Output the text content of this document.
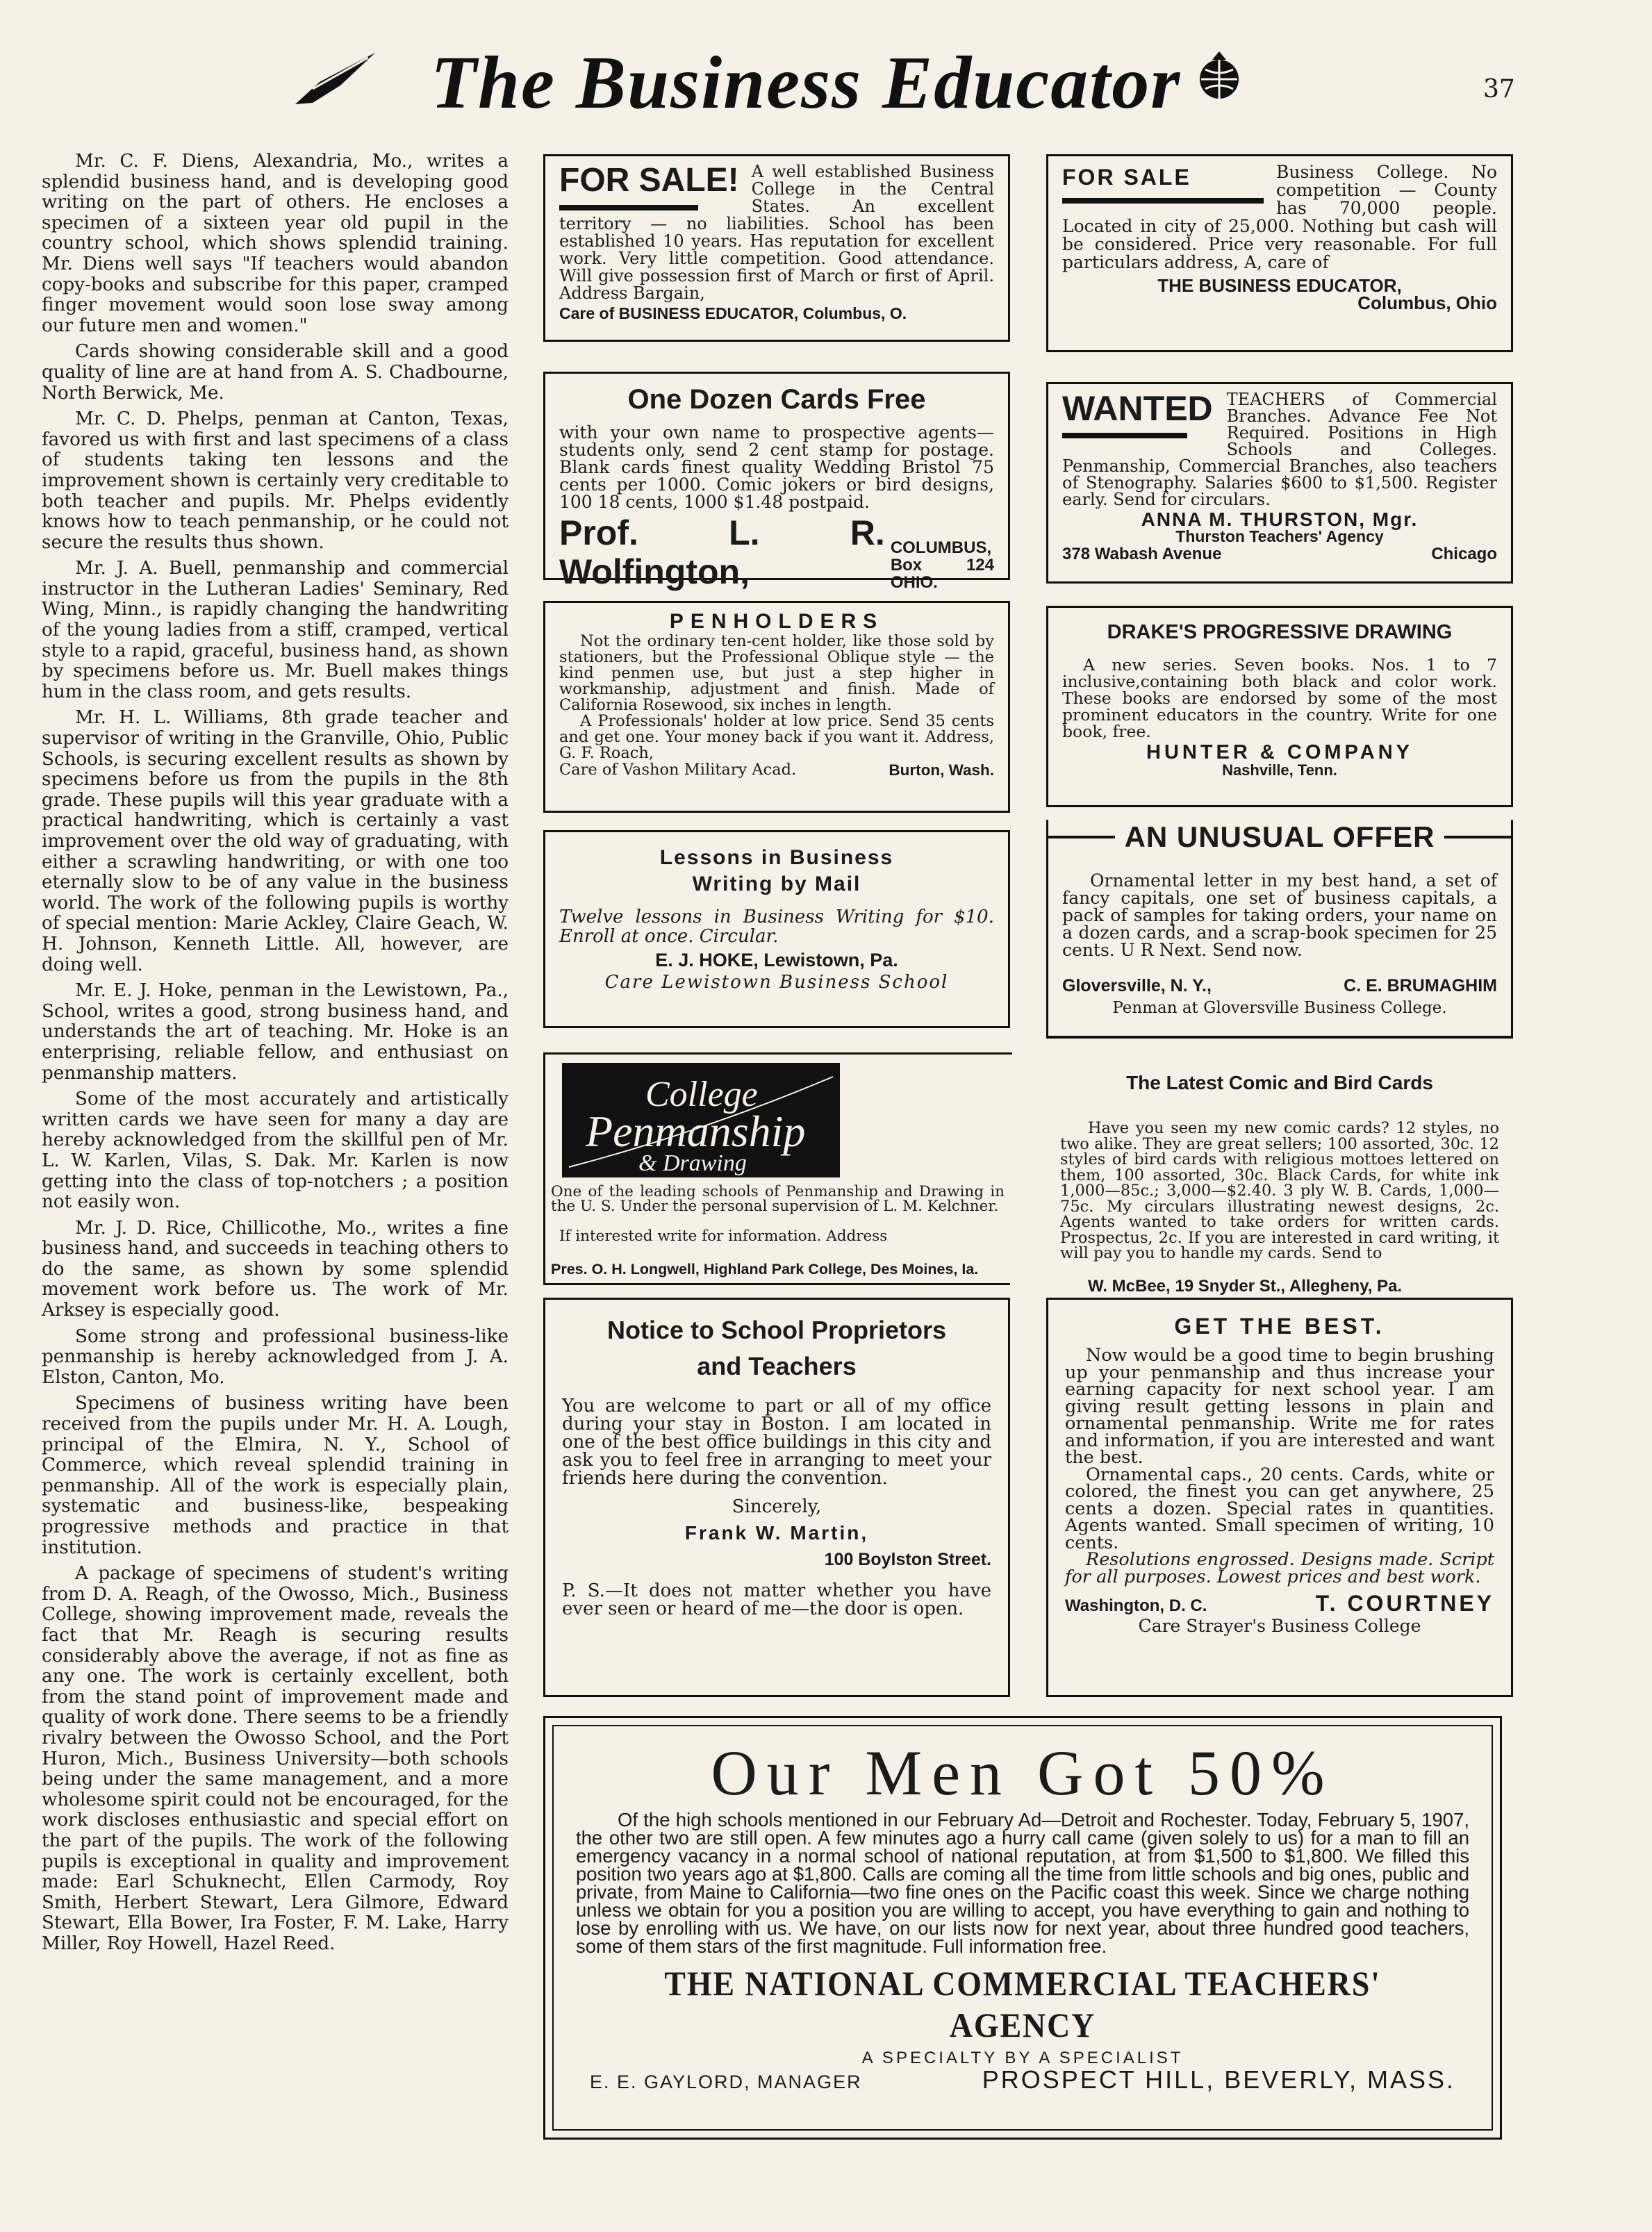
The Business Educator	37

Mr. C. F. Diens, Alexandria, Mo., writes a splendid business hand, and is developing good writing on the part of others. He encloses a specimen of a sixteen year old pupil in the country school, which shows splendid training. Mr. Diens well says "If teachers would abandon copy-books and subscribe for this paper, cramped finger movement would soon lose sway among our future men and women."

Cards showing considerable skill and a good quality of line are at hand from A. S. Chadbourne, North Berwick, Me.

Mr. C. D. Phelps, penman at Canton, Texas, favored us with first and last specimens of a class of students taking ten lessons and the improvement shown is certainly very creditable to both teacher and pupils. Mr. Phelps evidently knows how to teach penmanship, or he could not secure the results thus shown.

Mr. J. A. Buell, penmanship and commercial instructor in the Lutheran Ladies' Seminary, Red Wing, Minn., is rapidly changing the handwriting of the young ladies from a stiff, cramped, vertical style to a rapid, graceful, business hand, as shown by specimens before us. Mr. Buell makes things hum in the class room, and gets results.

Mr. H. L. Williams, 8th grade teacher and supervisor of writing in the Granville, Ohio, Public Schools, is securing excellent results as shown by specimens before us from the pupils in the 8th grade. These pupils will this year graduate with a practical handwriting, which is certainly a vast improvement over the old way of graduating, with either a scrawling handwriting, or with one too eternally slow to be of any value in the business world. The work of the following pupils is worthy of special mention: Marie Ackley, Claire Geach, W. H. Johnson, Kenneth Little. All, however, are doing well.

Mr. E. J. Hoke, penman in the Lewistown, Pa., School, writes a good, strong business hand, and understands the art of teaching. Mr. Hoke is an enterprising, reliable fellow, and enthusiast on penmanship matters.

Some of the most accurately and artistically written cards we have seen for many a day are hereby acknowledged from the skillful pen of Mr. L. W. Karlen, Vilas, S. Dak. Mr. Karlen is now getting into the class of top-notchers ; a position not easily won.

Mr. J. D. Rice, Chillicothe, Mo., writes a fine business hand, and succeeds in teaching others to do the same, as shown by some splendid movement work before us. The work of Mr. Arksey is especially good.

Some strong and professional business-like penmanship is hereby acknowledged from J. A. Elston, Canton, Mo.

Specimens of business writing have been received from the pupils under Mr. H. A. Lough, principal of the Elmira, N. Y., School of Commerce, which reveal splendid training in penmanship. All of the work is especially plain, systematic and business-like, bespeaking progressive methods and practice in that institution.

A package of specimens of student's writing from D. A. Reagh, of the Owosso, Mich., Business College, showing improvement made, reveals the fact that Mr. Reagh is securing results considerably above the average, if not as fine as any one. The work is certainly excellent, both from the stand point of improvement made and quality of work done. There seems to be a friendly rivalry between the Owosso School, and the Port Huron, Mich., Business University—both schools being under the same management, and a more wholesome spirit could not be encouraged, for the work discloses enthusiastic and special effort on the part of the pupils. The work of the following pupils is exceptional in quality and improvement made: Earl Schuknecht, Ellen Carmody, Roy Smith, Herbert Stewart, Lera Gilmore, Edward Stewart, Ella Bower, Ira Foster, F. M. Lake, Harry Miller, Roy Howell, Hazel Reed.

FOR SALE! A well established Business College in the Central States. An excellent territory — no liabilities. School has been established 10 years. Has reputation for excellent work. Very little competition. Good attendance. Will give possession first of March or first of April. Address Bargain,

Care of BUSINESS EDUCATOR, Columbus, O.

FOR SALE	Business College. No competition — County has 70,000 people. Located in city of 25,000. Nothing but cash will be considered. Price very reasonable. For full particulars address, A, care of

THE BUSINESS EDUCATOR,

Columbus, Ohio

One Dozen Cards Free

with your own name to prospective agents—students only, send 2 cent stamp for postage. Blank cards finest quality Wedding Bristol 75 cents per 1000. Comic jokers or bird designs, 100 18 cents, 1000 $1.48 postpaid.

Prof. L. R. Wolfington,
COLUMBUS,
Box 124 OHIO.
WANTED TEACHERS of Commercial Branches. Advance Fee Not Required. Positions in High Schools and Colleges. Penmanship, Commercial Branches, also teachers of Stenography. Salaries $600 to $1,500. Register early. Send for circulars.

ANNA M. THURSTON, Mgr.

Thurston Teachers' Agency

378 Wabash Avenue	Chicago

PENHOLDERS

Not the ordinary ten-cent holder, like those sold by stationers, but the Professional Oblique style — the kind penmen use, but just a step higher in workmanship, adjustment and finish. Made of California Rosewood, six inches in length.

A Professionals' holder at low price. Send 35 cents and get one. Your money back if you want it. Address, G. F. Roach,

Care of Vashon Military Acad.	Burton, Wash.

DRAKE'S PROGRESSIVE DRAWING

A new series. Seven books. Nos. 1 to 7 inclusive,containing both black and color work. These books are endorsed by some of the most prominent educators in the country. Write for one book, free.

HUNTER & COMPANY

Nashville, Tenn.

Lessons in Business

Writing by Mail

Twelve lessons in Business Writing for $10. Enroll at once. Circular.

E. J. HOKE, Lewistown, Pa.

Care Lewistown Business School

AN UNUSUAL OFFER

Ornamental letter in my best hand, a set of fancy capitals, one set of business capitals, a pack of samples for taking orders, your name on a dozen cards, and a scrap-book specimen for 25 cents. U R Next. Send now.

Gloversville, N. Y.,	C. E. BRUMAGHIM

Penman at Gloversville Business College.

College
Penmanship
& Drawing

One of the leading schools of Penmanship and Drawing in the U. S. Under the personal supervision of L. M. Kelchner.

If interested write for information. Address

Pres. O. H. Longwell, Highland Park College, Des Moines, Ia.

The Latest Comic and Bird Cards

Have you seen my new comic cards? 12 styles, no two alike. They are great sellers; 100 assorted, 30c. 12 styles of bird cards with religious mottoes lettered on them, 100 assorted, 30c. Black Cards, for white ink 1,000—85c.; 3,000—$2.40. 3 ply W. B. Cards, 1,000—75c. My circulars illustrating newest designs, 2c. Agents wanted to take orders for written cards. Prospectus, 2c. If you are interested in card writing, it will pay you to handle my cards. Send to

W. McBee, 19 Snyder St., Allegheny, Pa.

Notice to School Proprietors

and Teachers

You are welcome to part or all of my office during your stay in Boston. I am located in one of the best office buildings in this city and ask you to feel free in arranging to meet your friends here during the convention.

Sincerely,

Frank W. Martin,

100 Boylston Street.

P. S.—It does not matter whether you have ever seen or heard of me—the door is open.

GET THE BEST.

Now would be a good time to begin brushing up your penmanship and thus increase your earning capacity for next school year. I am giving result getting lessons in plain and ornamental penmanship. Write me for rates and information, if you are interested and want the best.

Ornamental caps., 20 cents. Cards, white or colored, the finest you can get anywhere, 25 cents a dozen. Special rates in quantities. Agents wanted. Small specimen of writing, 10 cents.

Resolutions engrossed. Designs made. Script for all purposes. Lowest prices and best work.

Washington, D. C.	T. COURTNEY

Care Strayer's Business College

Our Men Got 50%

Of the high schools mentioned in our February Ad—Detroit and Rochester. Today, February 5, 1907, the other two are still open. A few minutes ago a hurry call came (given solely to us) for a man to fill an emergency vacancy in a normal school of national reputation, at from $1,500 to $1,800. We filled this position two years ago at $1,800. Calls are coming all the time from little schools and big ones, public and private, from Maine to California—two fine ones on the Pacific coast this week. Since we charge nothing unless we obtain for you a position you are willing to accept, you have everything to gain and nothing to lose by enrolling with us. We have, on our lists now for next year, about three hundred good teachers, some of them stars of the first magnitude. Full information free.

THE NATIONAL COMMERCIAL TEACHERS' AGENCY

A SPECIALTY BY A SPECIALIST

E. E. GAYLORD, MANAGER	PROSPECT HILL, BEVERLY, MASS.
